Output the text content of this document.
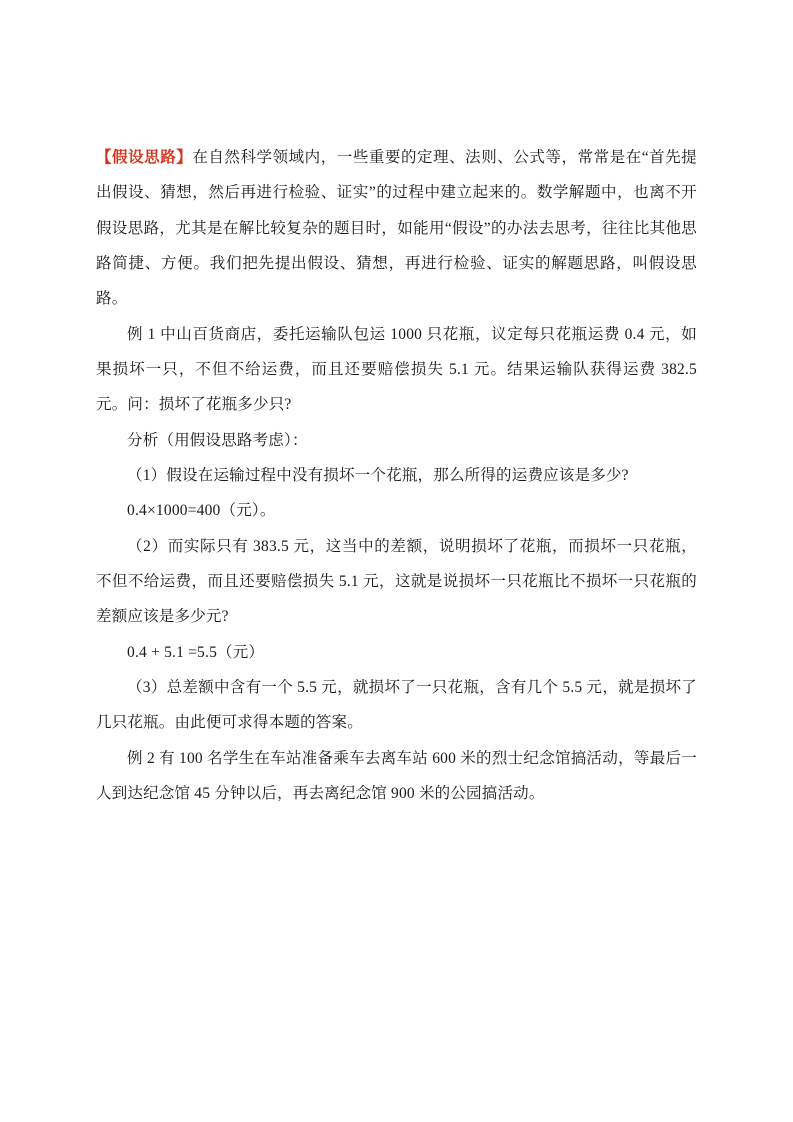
【假设思路】在自然科学领域内，一些重要的定理、法则、公式等，常常是在“首先提出假设、猜想，然后再进行检验、证实”的过程中建立起来的。数学解题中，也离不开假设思路，尤其是在解比较复杂的题目时，如能用“假设”的办法去思考，往往比其他思路简捷、方便。我们把先提出假设、猜想，再进行检验、证实的解题思路，叫假设思路。

例 1 中山百货商店，委托运输队包运 1000 只花瓶，议定每只花瓶运费 0.4 元，如果损坏一只，不但不给运费，而且还要赔偿损失 5.1 元。结果运输队获得运费 382.5 元。问：损坏了花瓶多少只?

分析（用假设思路考虑）：

（1）假设在运输过程中没有损坏一个花瓶，那么所得的运费应该是多少?

0.4×1000=400（元）。

（2）而实际只有 383.5 元，这当中的差额，说明损坏了花瓶，而损坏一只花瓶，不但不给运费，而且还要赔偿损失 5.1 元，这就是说损坏一只花瓶比不损坏一只花瓶的差额应该是多少元?

0.4 + 5.1 =5.5（元）

（3）总差额中含有一个 5.5 元，就损坏了一只花瓶，含有几个 5.5 元，就是损坏了几只花瓶。由此便可求得本题的答案。

例 2 有 100 名学生在车站准备乘车去离车站 600 米的烈士纪念馆搞活动，等最后一人到达纪念馆 45 分钟以后，再去离纪念馆 900 米的公园搞活动。
